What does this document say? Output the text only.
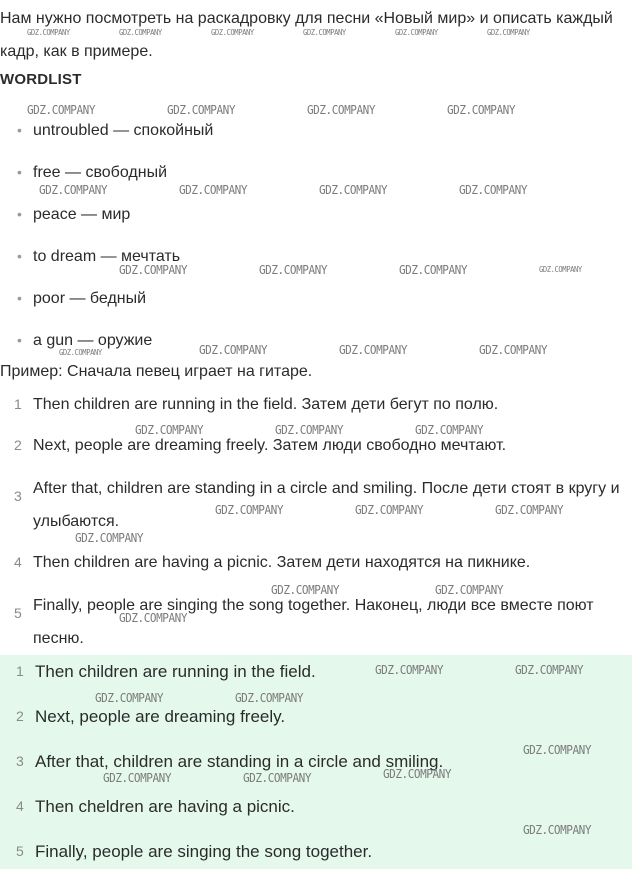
Нам нужно посмотреть на раскадровку для песни «Новый мир» и описать каждый кадр, как в примере.
WORDLIST
• untroubled — спокойный
• free — свободный
• peace — мир
• to dream — мечтать
• poor — бедный
• a gun — оружие
Пример: Сначала певец играет на гитаре.
1 Then children are running in the field. Затем дети бегут по полю.
2 Next, people are dreaming freely. Затем люди свободно мечтают.
3 After that, children are standing in a circle and smiling. После дети стоят в кругу и улыбаются.
4 Then children are having a picnic. Затем дети находятся на пикнике.
5 Finally, people are singing the song together. Наконец, люди все вместе поют песню.
1 Then children are running in the field.
2 Next, people are dreaming freely.
3 After that, children are standing in a circle and smiling.
4 Then cheldren are having a picnic.
5 Finally, people are singing the song together.
GDZ.COMPANY	GDZ.COMPANY	GDZ.COMPANY	GDZ.COMPANY	GDZ.COMPANY	GDZ.COMPANY
GDZ.COMPANY	GDZ.COMPANY	GDZ.COMPANY	GDZ.COMPANY
GDZ.COMPANY	GDZ.COMPANY	GDZ.COMPANY	GDZ.COMPANY
GDZ.COMPANY	GDZ.COMPANY	GDZ.COMPANY	GDZ.COMPANY
GDZ.COMPANY	GDZ.COMPANY	GDZ.COMPANY	GDZ.COMPANY
GDZ.COMPANY	GDZ.COMPANY	GDZ.COMPANY
GDZ.COMPANY	GDZ.COMPANY	GDZ.COMPANY
GDZ.COMPANY
GDZ.COMPANY	GDZ.COMPANY
GDZ.COMPANY
GDZ.COMPANY	GDZ.COMPANY
GDZ.COMPANY	GDZ.COMPANY
GDZ.COMPANY
GDZ.COMPANY
GDZ.COMPANY	GDZ.COMPANY
GDZ.COMPANY
